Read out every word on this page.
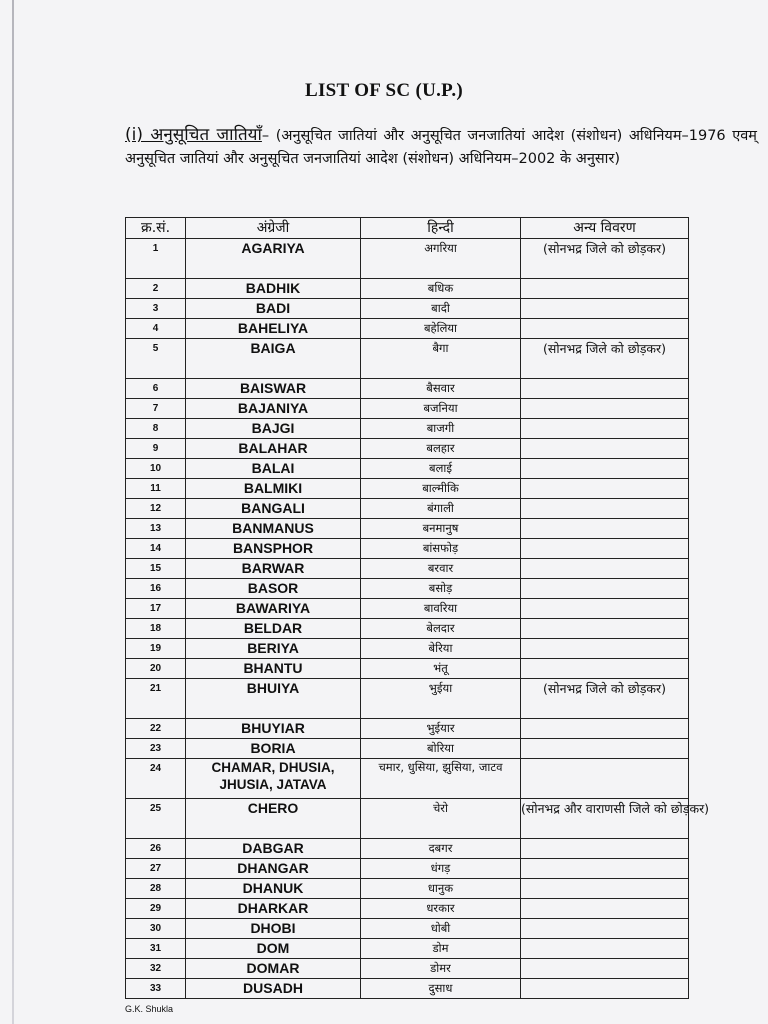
LIST OF SC (U.P.)
(i) अनुसूचित जातियाँ– (अनुसूचित जातियां और अनुसूचित जनजातियां आदेश (संशोधन) अधिनियम–1976 एवम् अनुसूचित जातियां और अनुसूचित जनजातियां आदेश (संशोधन) अधिनियम–2002 के अनुसार)
क्र.सं.	अंग्रेजी	हिन्दी	अन्य विवरण
1	AGARIYA	अगरिया	(सोनभद्र जिले को छोड़कर)
2	BADHIK	बधिक	
3	BADI	बादी	
4	BAHELIYA	बहेलिया	
5	BAIGA	बैगा	(सोनभद्र जिले को छोड़कर)
6	BAISWAR	बैसवार	
7	BAJANIYA	बजनिया	
8	BAJGI	बाजगी	
9	BALAHAR	बलहार	
10	BALAI	बलाई	
11	BALMIKI	बाल्मीकि	
12	BANGALI	बंगाली	
13	BANMANUS	बनमानुष	
14	BANSPHOR	बांसफोड़	
15	BARWAR	बरवार	
16	BASOR	बसोड़	
17	BAWARIYA	बावरिया	
18	BELDAR	बेलदार	
19	BERIYA	बेरिया	
20	BHANTU	भंतू	
21	BHUIYA	भुईया	(सोनभद्र जिले को छोड़कर)
22	BHUYIAR	भुईयार	
23	BORIA	बोरिया	
24	CHAMAR, DHUSIA, JHUSIA, JATAVA	चमार, धुसिया, झुसिया, जाटव	
25	CHERO	चेरो	(सोनभद्र और वाराणसी जिले को छोड़कर)
26	DABGAR	दबगर	
27	DHANGAR	धंगड़	
28	DHANUK	धानुक	
29	DHARKAR	धरकार	
30	DHOBI	धोबी	
31	DOM	डोम	
32	DOMAR	डोमर	
33	DUSADH	दुसाध	
G.K. Shukla
